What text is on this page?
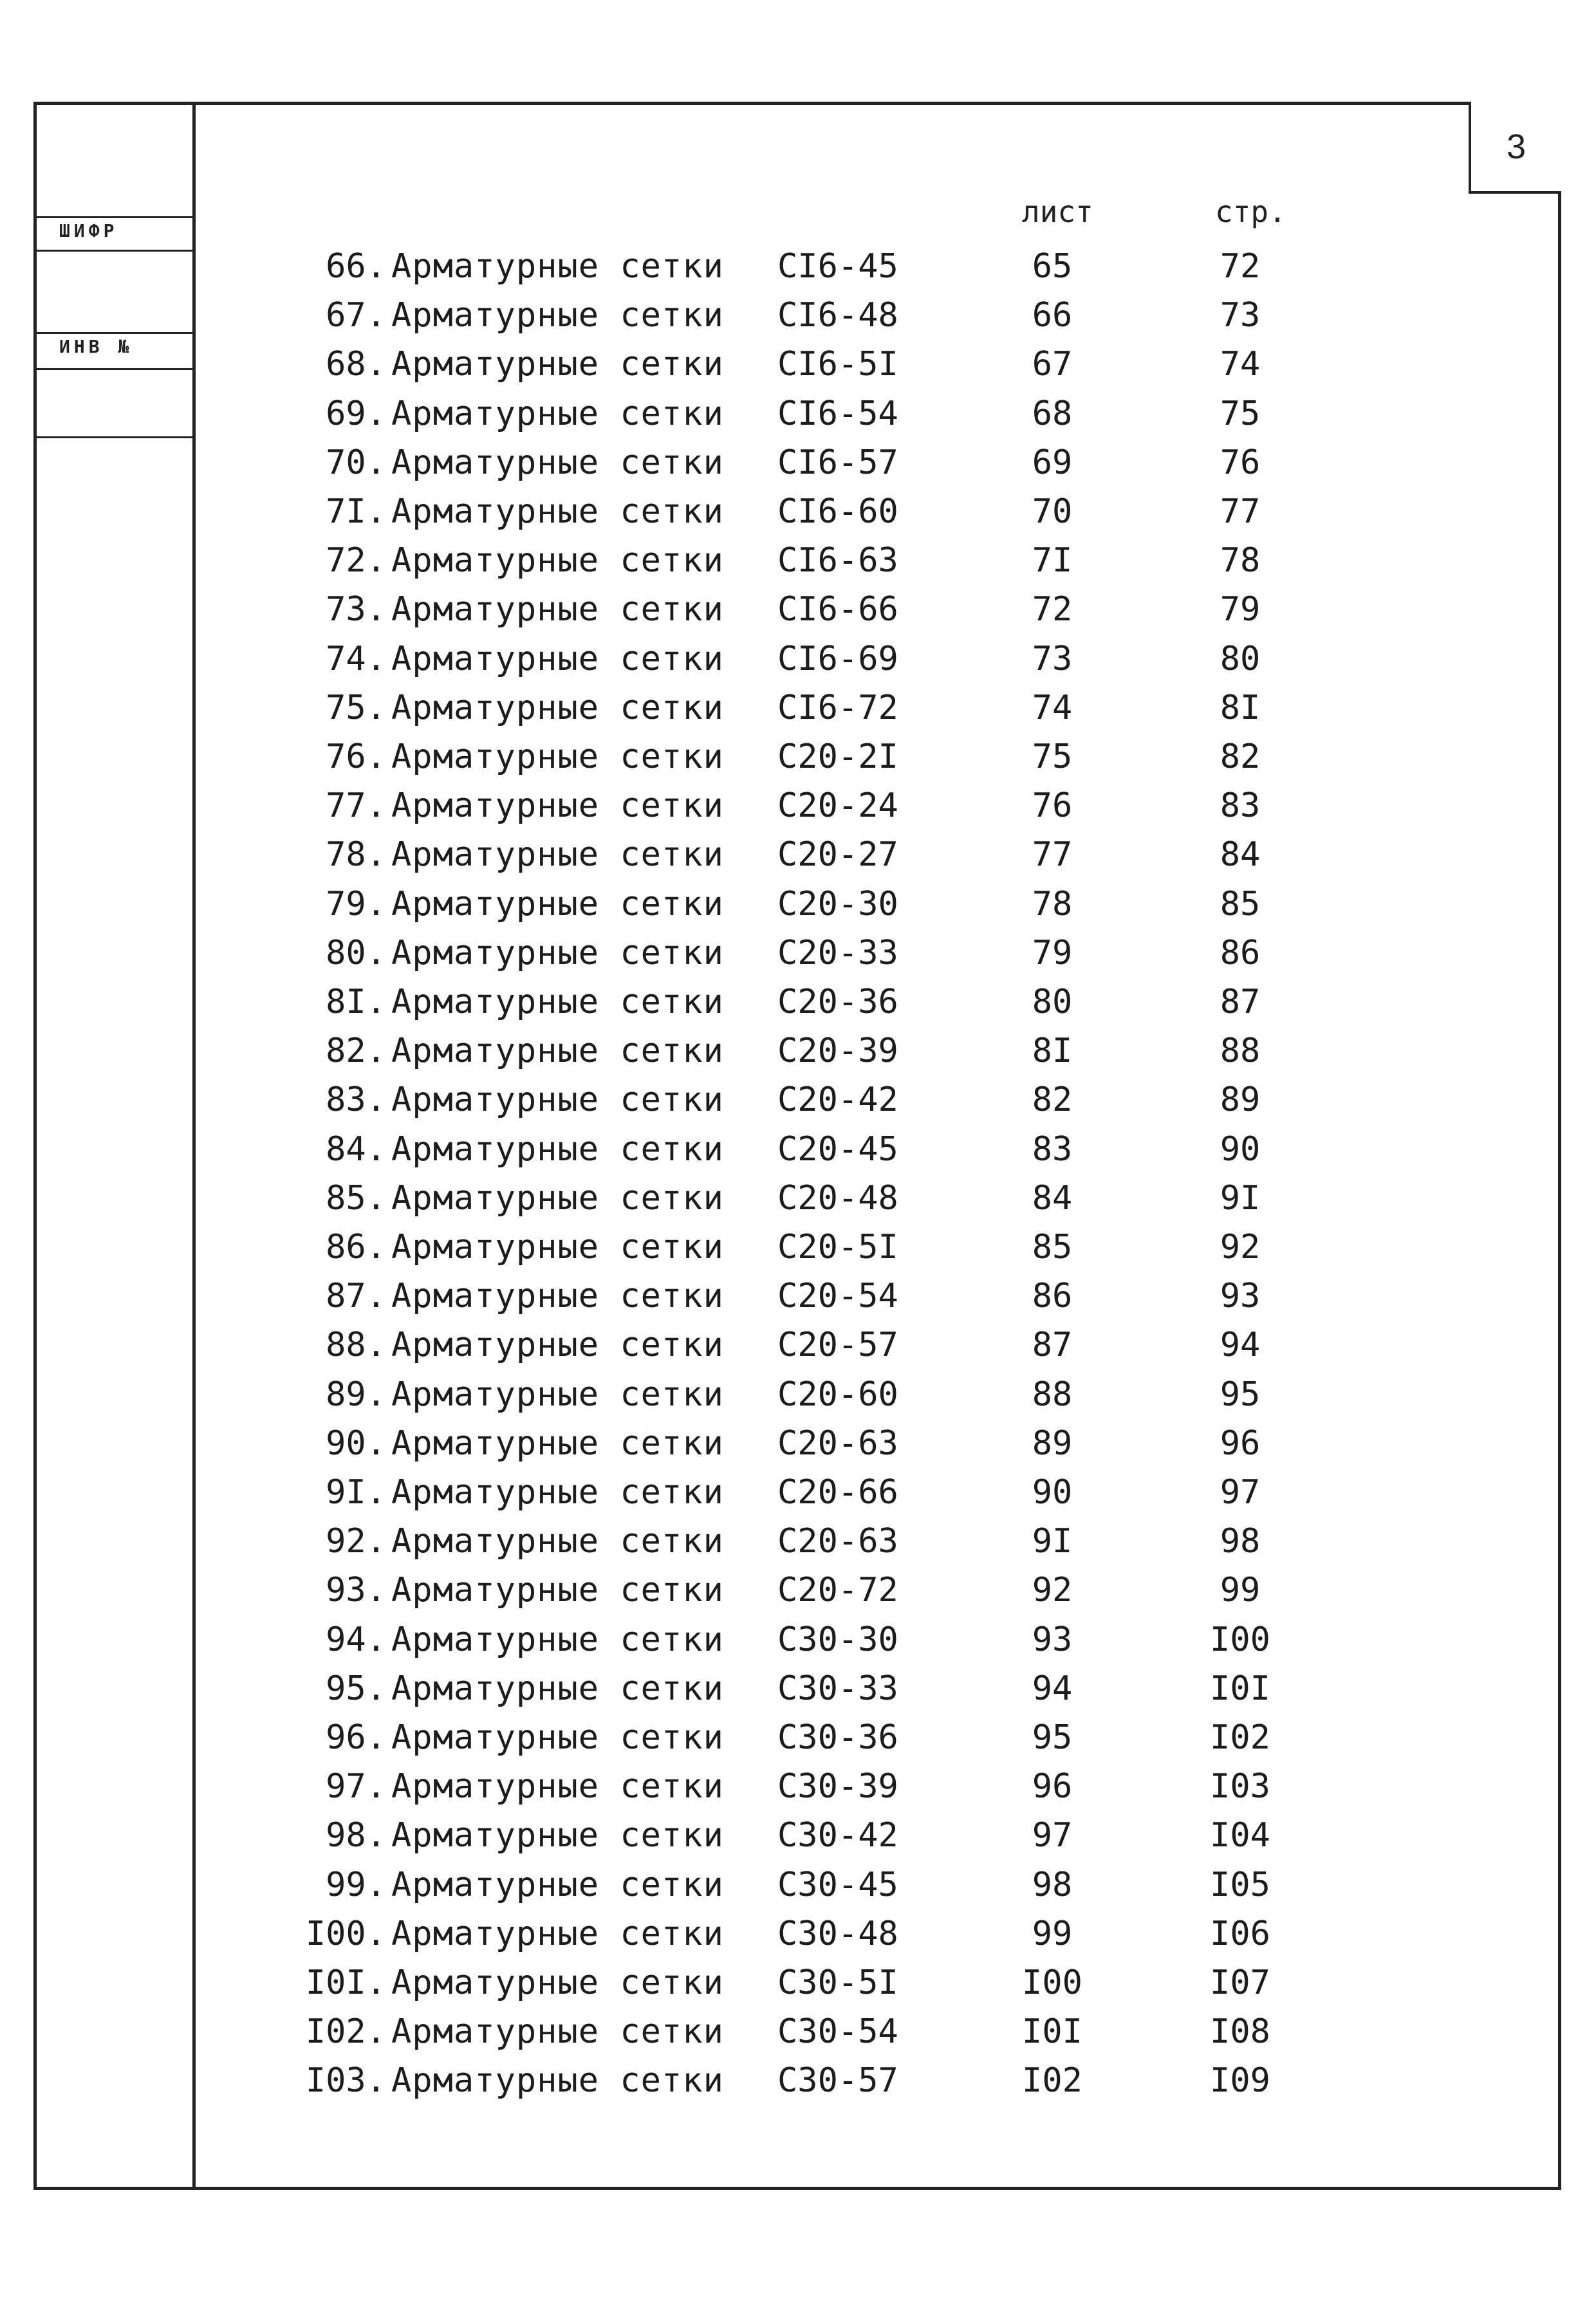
ШИФР
ИНВ №
3
лист	стр.
66. Арматурные сетки CI6-45	65	72
67. Арматурные сетки CI6-48	66	73
68. Арматурные сетки CI6-5I	67	74
69. Арматурные сетки CI6-54	68	75
70. Арматурные сетки CI6-57	69	76
7I. Арматурные сетки CI6-60	70	77
72. Арматурные сетки CI6-63	7I	78
73. Арматурные сетки CI6-66	72	79
74. Арматурные сетки CI6-69	73	80
75. Арматурные сетки CI6-72	74	8I
76. Арматурные сетки C20-2I	75	82
77. Арматурные сетки C20-24	76	83
78. Арматурные сетки C20-27	77	84
79. Арматурные сетки C20-30	78	85
80. Арматурные сетки C20-33	79	86
8I. Арматурные сетки C20-36	80	87
82. Арматурные сетки C20-39	8I	88
83. Арматурные сетки C20-42	82	89
84. Арматурные сетки C20-45	83	90
85. Арматурные сетки C20-48	84	9I
86. Арматурные сетки C20-5I	85	92
87. Арматурные сетки C20-54	86	93
88. Арматурные сетки C20-57	87	94
89. Арматурные сетки C20-60	88	95
90. Арматурные сетки C20-63	89	96
9I. Арматурные сетки C20-66	90	97
92. Арматурные сетки C20-63	9I	98
93. Арматурные сетки C20-72	92	99
94. Арматурные сетки C30-30	93	I00
95. Арматурные сетки C30-33	94	I0I
96. Арматурные сетки C30-36	95	I02
97. Арматурные сетки C30-39	96	I03
98. Арматурные сетки C30-42	97	I04
99. Арматурные сетки C30-45	98	I05
I00. Арматурные сетки C30-48	99	I06
I0I. Арматурные сетки C30-5I	I00	I07
I02. Арматурные сетки C30-54	I0I	I08
I03. Арматурные сетки C30-57	I02	I09
